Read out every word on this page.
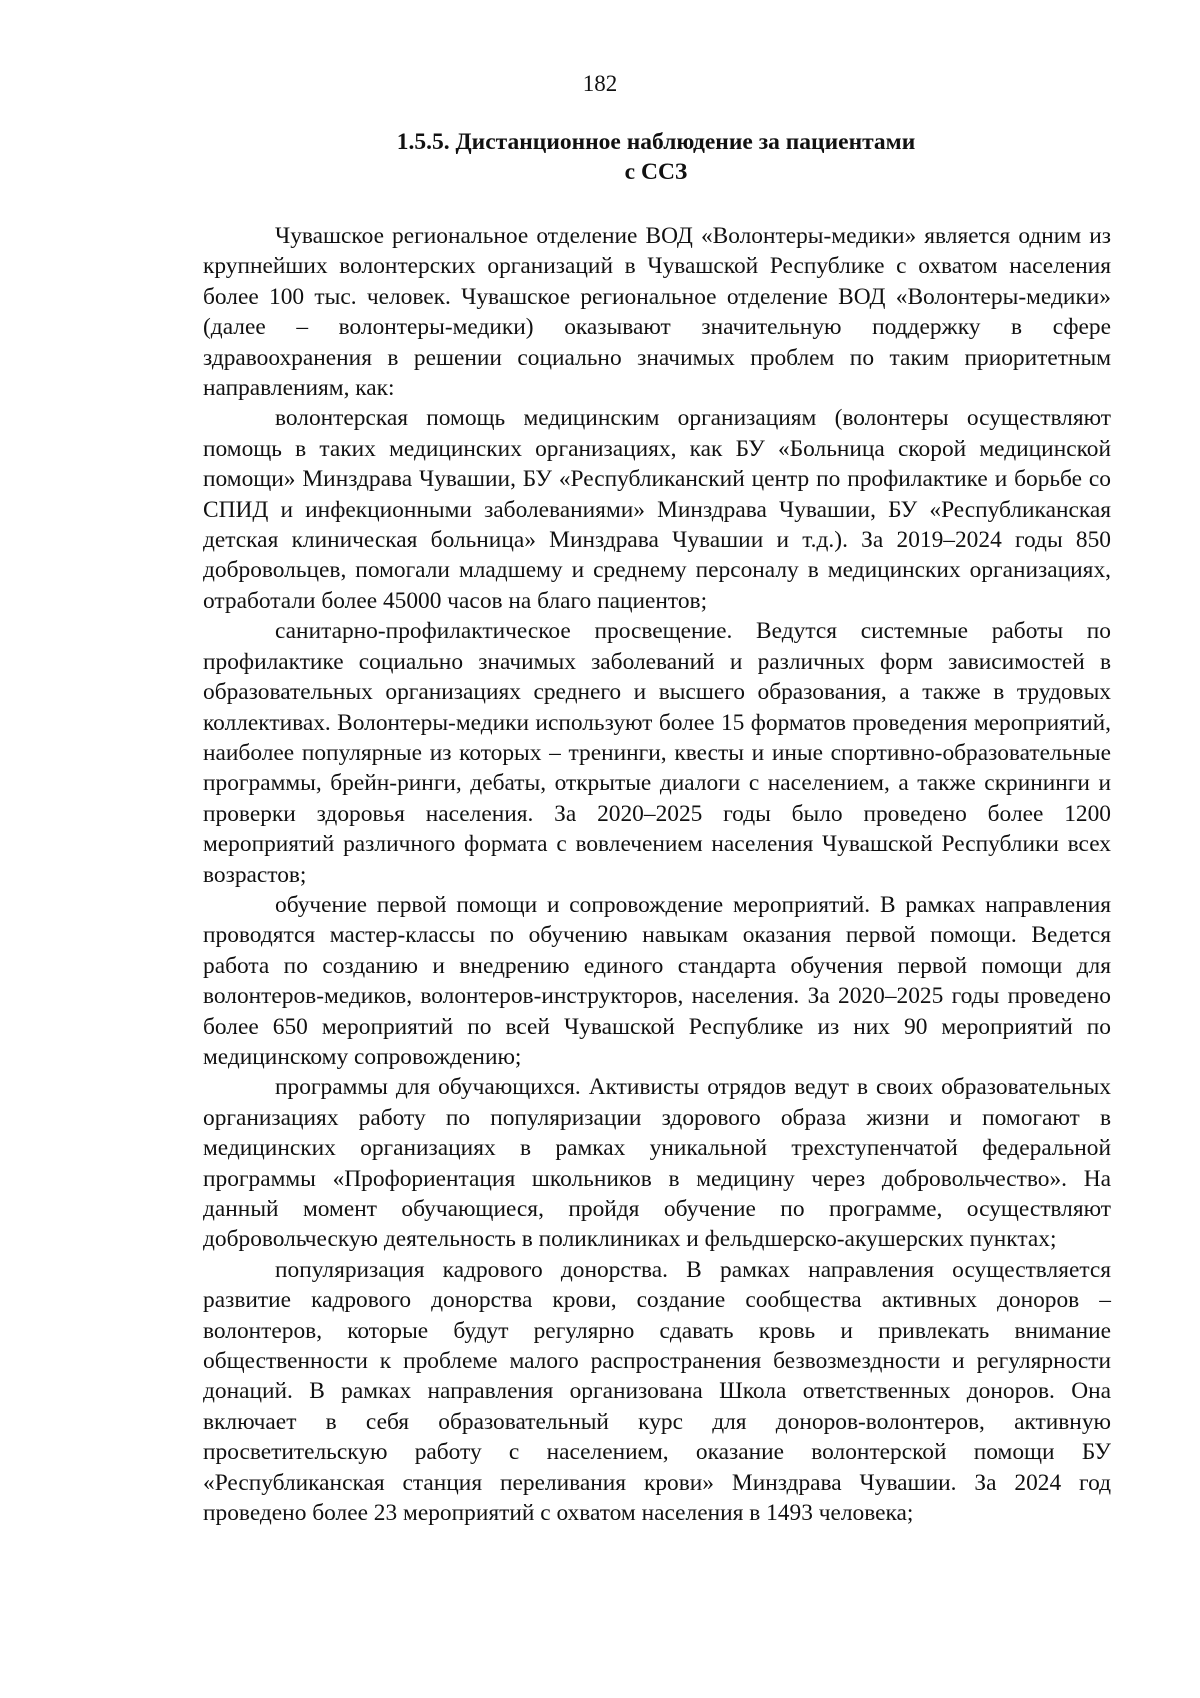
182
1.5.5. Дистанционное наблюдение за пациентами
с ССЗ

Чувашское региональное отделение ВОД «Волонтеры-медики» является одним из крупнейших волонтерских организаций в Чувашской Республике с охватом населения более 100 тыс. человек. Чувашское региональное отделение ВОД «Волонтеры-медики» (далее – волонтеры-медики) оказывают значительную поддержку в сфере здравоохранения в решении социально значимых проблем по таким приоритетным направлениям, как:

волонтерская помощь медицинским организациям (волонтеры осуществляют помощь в таких медицинских организациях, как БУ «Больница скорой медицинской помощи» Минздрава Чувашии, БУ «Республиканский центр по профилактике и борьбе со СПИД и инфекционными заболеваниями» Минздрава Чувашии, БУ «Республиканская детская клиническая больница» Минздрава Чувашии и т.д.). За 2019–2024 годы 850 добровольцев, помогали младшему и среднему персоналу в медицинских организациях, отработали более 45000 часов на благо пациентов;

санитарно-профилактическое просвещение. Ведутся системные работы по профилактике социально значимых заболеваний и различных форм зависимостей в образовательных организациях среднего и высшего образования, а также в трудовых коллективах. Волонтеры-медики используют более 15 форматов проведения мероприятий, наиболее популярные из которых – тренинги, квесты и иные спортивно-образовательные программы, брейн-ринги, дебаты, открытые диалоги с населением, а также скрининги и проверки здоровья населения. За 2020–2025 годы было проведено более 1200 мероприятий различного формата с вовлечением населения Чувашской Республики всех возрастов;

обучение первой помощи и сопровождение мероприятий. В рамках направления проводятся мастер-классы по обучению навыкам оказания первой помощи. Ведется работа по созданию и внедрению единого стандарта обучения первой помощи для волонтеров-медиков, волонтеров-инструкторов, населения. За 2020–2025 годы проведено более 650 мероприятий по всей Чувашской Республике из них 90 мероприятий по медицинскому сопровождению;

программы для обучающихся. Активисты отрядов ведут в своих образовательных организациях работу по популяризации здорового образа жизни и помогают в медицинских организациях в рамках уникальной трехступенчатой федеральной программы «Профориентация школьников в медицину через добровольчество». На данный момент обучающиеся, пройдя обучение по программе, осуществляют добровольческую деятельность в поликлиниках и фельдшерско-акушерских пунктах;

популяризация кадрового донорства. В рамках направления осуществляется развитие кадрового донорства крови, создание сообщества активных доноров – волонтеров, которые будут регулярно сдавать кровь и привлекать внимание общественности к проблеме малого распространения безвозмездности и регулярности донаций. В рамках направления организована Школа ответственных доноров. Она включает в себя образовательный курс для доноров-волонтеров, активную просветительскую работу с населением, оказание волонтерской помощи БУ «Республиканская станция переливания крови» Минздрава Чувашии. За 2024 год проведено более 23 мероприятий с охватом населения в 1493 человека;
